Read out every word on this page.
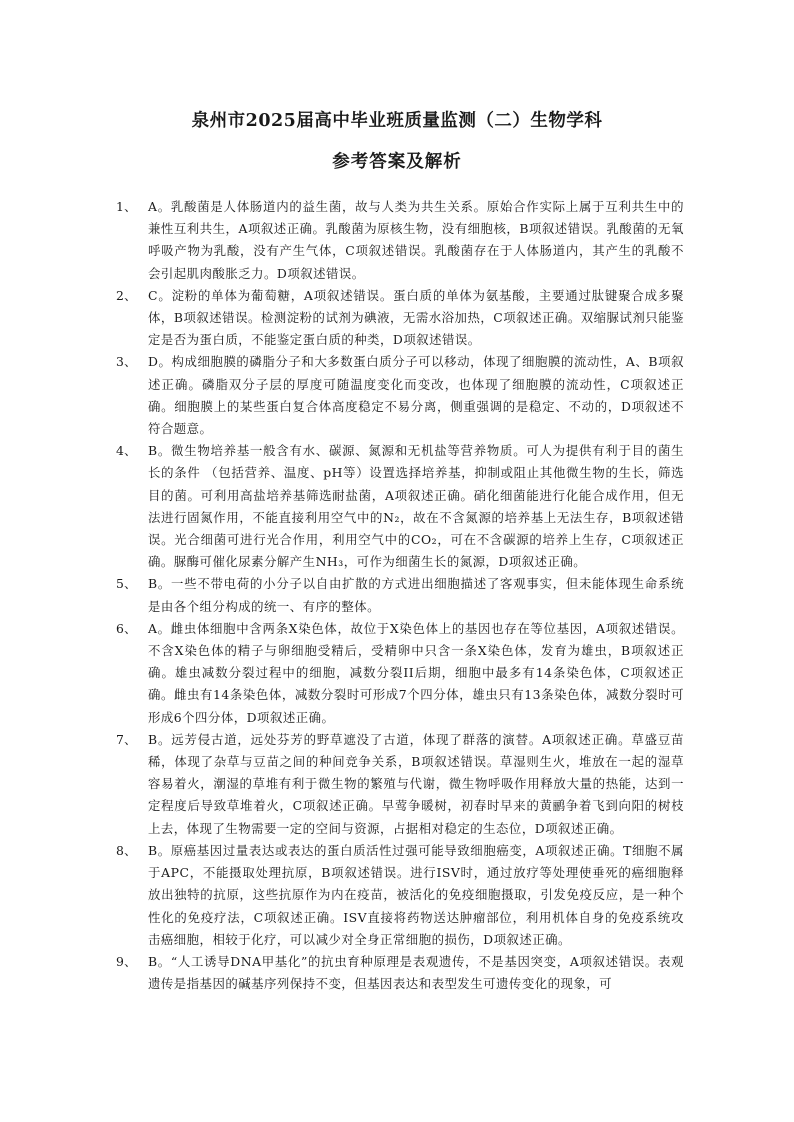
泉州市2025届高中毕业班质量监测（二）生物学科
参考答案及解析
1、 A。乳酸菌是人体肠道内的益生菌，故与人类为共生关系。原始合作实际上属于互利共生中的兼性互利共生，A项叙述正确。乳酸菌为原核生物，没有细胞核，B项叙述错误。乳酸菌的无氧呼吸产物为乳酸，没有产生气体，C项叙述错误。乳酸菌存在于人体肠道内，其产生的乳酸不会引起肌肉酸胀乏力。D项叙述错误。
2、 C。淀粉的单体为葡萄糖，A项叙述错误。蛋白质的单体为氨基酸，主要通过肽键聚合成多聚体，B项叙述错误。检测淀粉的试剂为碘液，无需水浴加热，C项叙述正确。双缩脲试剂只能鉴定是否为蛋白质，不能鉴定蛋白质的种类，D项叙述错误。
3、 D。构成细胞膜的磷脂分子和大多数蛋白质分子可以移动，体现了细胞膜的流动性，A、B项叙述正确。磷脂双分子层的厚度可随温度变化而变改，也体现了细胞膜的流动性，C项叙述正确。细胞膜上的某些蛋白复合体高度稳定不易分离，侧重强调的是稳定、不动的，D项叙述不符合题意。
4、 B。微生物培养基一般含有水、碳源、氮源和无机盐等营养物质。可人为提供有利于目的菌生长的条件 （包括营养、温度、pH等）设置选择培养基，抑制或阻止其他微生物的生长，筛选目的菌。可利用高盐培养基筛选耐盐菌，A项叙述正确。硝化细菌能进行化能合成作用，但无法进行固氮作用，不能直接利用空气中的N₂，故在不含氮源的培养基上无法生存，B项叙述错误。光合细菌可进行光合作用，利用空气中的CO₂，可在不含碳源的培养上生存，C项叙述正确。脲酶可催化尿素分解产生NH₃，可作为细菌生长的氮源，D项叙述正确。
5、 B。一些不带电荷的小分子以自由扩散的方式进出细胞描述了客观事实，但未能体现生命系统是由各个组分构成的统一、有序的整体。
6、 A。雌虫体细胞中含两条X染色体，故位于X染色体上的基因也存在等位基因，A项叙述错误。不含X染色体的精子与卵细胞受精后，受精卵中只含一条X染色体，发育为雄虫，B项叙述正确。雄虫减数分裂过程中的细胞，减数分裂II后期，细胞中最多有14条染色体，C项叙述正确。雌虫有14条染色体，减数分裂时可形成7个四分体，雄虫只有13条染色体，减数分裂时可形成6个四分体，D项叙述正确。
7、 B。远芳侵古道，远处芬芳的野草遮没了古道，体现了群落的演替。A项叙述正确。草盛豆苗稀，体现了杂草与豆苗之间的种间竞争关系，B项叙述错误。草湿则生火，堆放在一起的湿草容易着火，潮湿的草堆有利于微生物的繁殖与代谢，微生物呼吸作用释放大量的热能，达到一定程度后导致草堆着火，C项叙述正确。早莺争暖树，初春时早来的黄鹂争着飞到向阳的树枝上去，体现了生物需要一定的空间与资源，占据相对稳定的生态位，D项叙述正确。
8、 B。原癌基因过量表达或表达的蛋白质活性过强可能导致细胞癌变，A项叙述正确。T细胞不属于APC，不能摄取处理抗原，B项叙述错误。进行ISV时，通过放疗等处理使垂死的癌细胞释放出独特的抗原，这些抗原作为内在疫苗，被活化的免疫细胞摄取，引发免疫反应，是一种个性化的免疫疗法，C项叙述正确。ISV直接将药物送达肿瘤部位，利用机体自身的免疫系统攻击癌细胞，相较于化疗，可以减少对全身正常细胞的损伤，D项叙述正确。
9、 B。“人工诱导DNA甲基化”的抗虫育种原理是表观遗传，不是基因突变，A项叙述错误。表观遗传是指基因的碱基序列保持不变，但基因表达和表型发生可遗传变化的现象，可
